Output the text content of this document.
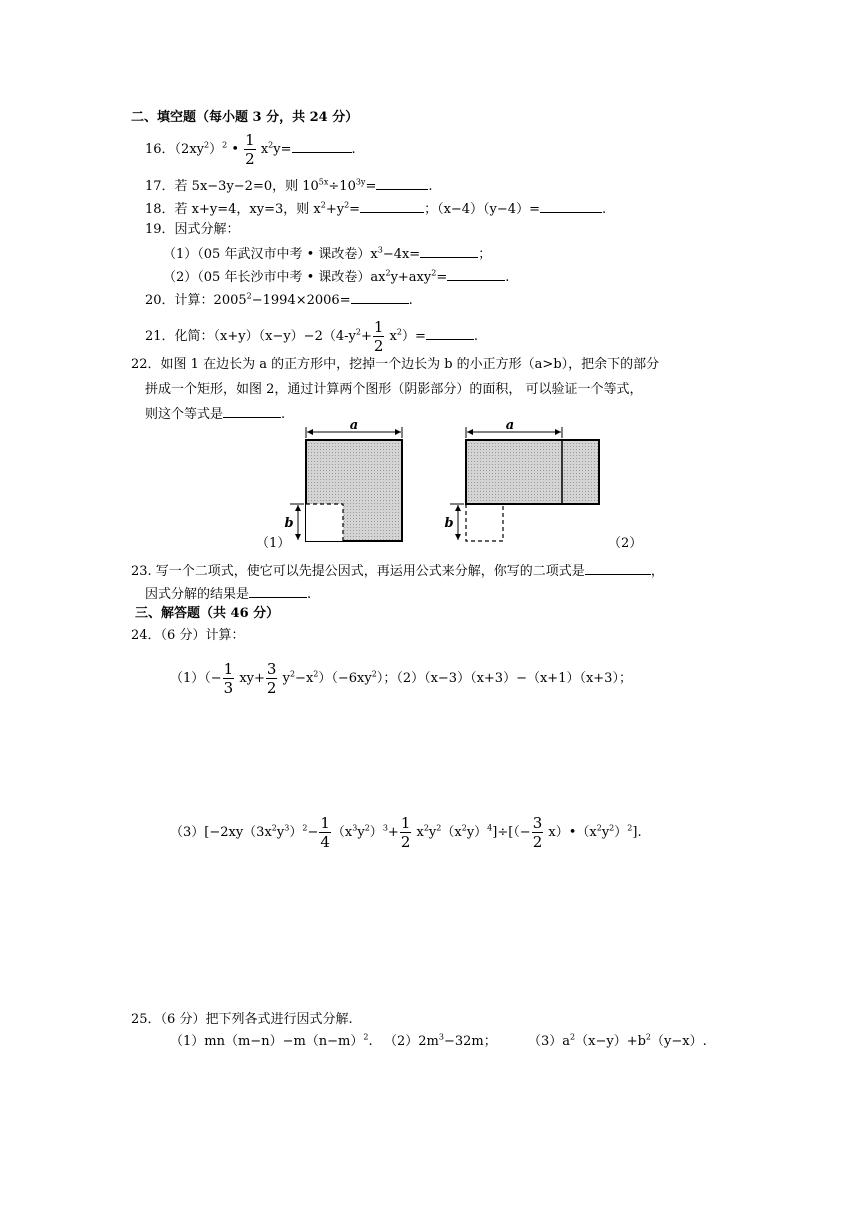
二、填空题（每小题 3 分，共 24 分）
16．$(2xy^2)^2$ • $\frac{1}{2} x^2y=$	.
17．若 5x−3y−2=0，则 $10^{5x}\div 10^{3y}=$	.
18．若 x+y=4，xy=3，则 $x^2+y^2=$	；（x−4）（y−4）=	.
19．因式分解：
（1）（05 年武汉市中考 • 课改卷）$x^3-4x=$	；
（2）（05 年长沙市中考 • 课改卷）$ax^2y+axy^2=$	.
20．计算：$2005^2-1994\times 2006=$	.
21．化简：$(x+y)(x-y)-2(4-y^2+ \frac{1}{2} x^2)=$	.
22．如图 1 在边长为 a 的正方形中，挖掉一个边长为 b 的小正方形（a>b），把余下的部分
拼成一个矩形，如图 2，通过计算两个图形（阴影部分）的面积， 可以验证一个等式，
则这个等式是	.
a
b
（1）
a
b
（2）
23. 写一个二项式，使它可以先提公因式，再运用公式来分解，你写的二项式是	，
因式分解的结果是	.
三、解答题（共 46 分）
24．（6 分）计算：
$(1)(- \frac{1}{3} xy+ \frac{3}{2} y^2-x^2)(-6xy^2)$；（2）（x−3）（x+3）−（x+1）（x+3）；
$(3)[-2xy(3x^2y^3)^2- \frac{1}{4} (x^3y^2)^3+ \frac{1}{2} x^2y^2(x^2y)^4]\div[(- \frac{3}{2}$ $x)•(x^2y^2)^2$].
25．（6 分）把下列各式进行因式分解.
$(1)mn(m-n)-m(n-m)^2$. $(2)2m^3-32m$； $(3)a^2(x-y)+b^2(y-x)$.
